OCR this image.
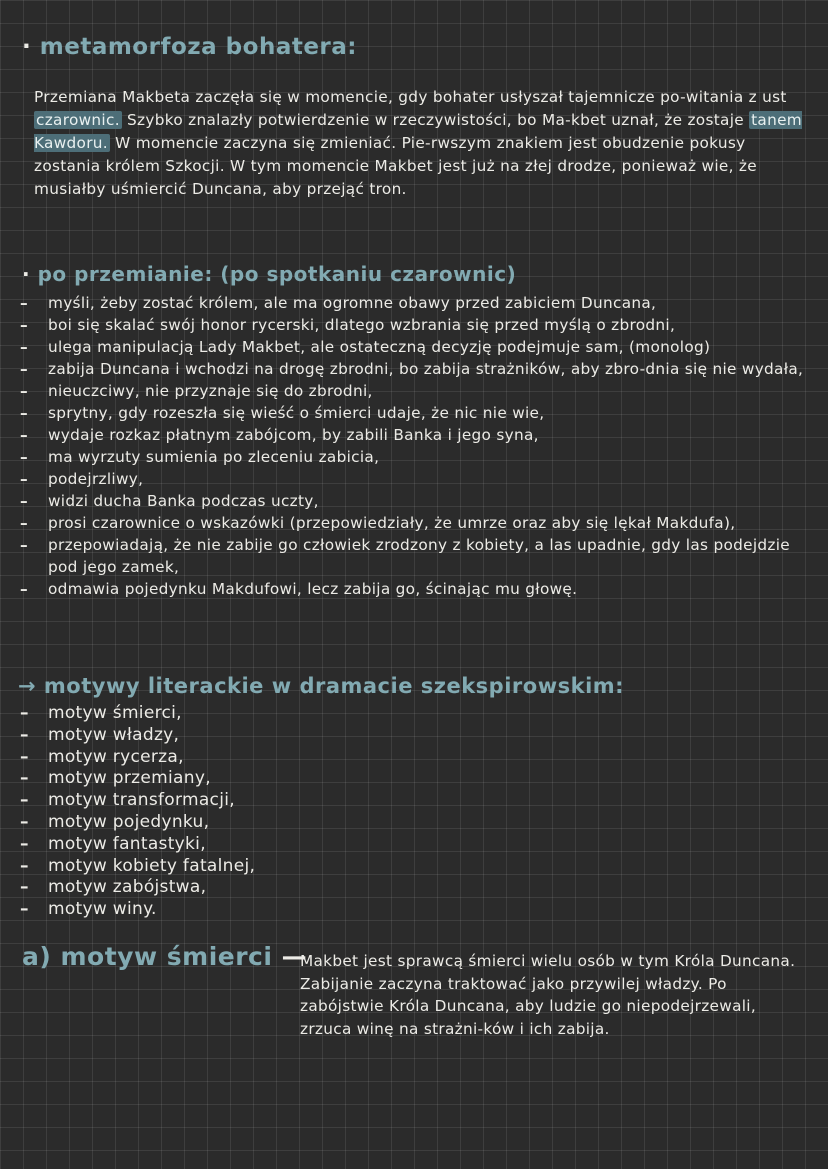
· metamorfoza bohatera:

Przemiana Makbeta zaczęła się w momencie, gdy bohater usłyszał tajemnicze po-witania z ust czarownic. Szybko znalazły potwierdzenie w rzeczywistości, bo Ma-kbet uznał, że zostaje tanem Kawdoru. W momencie zaczyna się zmieniać. Pie-rwszym znakiem jest obudzenie pokusy zostania królem Szkocji. W tym momencie Makbet jest już na złej drodze, ponieważ wie, że musiałby uśmiercić Duncana, aby przejąć tron.

· po przemianie: (po spotkaniu czarownic)
– myśli, żeby zostać królem, ale ma ogromne obawy przed zabiciem Duncana,
– boi się skalać swój honor rycerski, dlatego wzbrania się przed myślą o zbrodni,
– ulega manipulacją Lady Makbet, ale ostateczną decyzję podejmuje sam, (monolog)
– zabija Duncana i wchodzi na drogę zbrodni, bo zabija strażników, aby zbro-dnia się nie wydała,
– nieuczciwy, nie przyznaje się do zbrodni,
– sprytny, gdy rozeszła się wieść o śmierci udaje, że nic nie wie,
– wydaje rozkaz płatnym zabójcom, by zabili Banka i jego syna,
– ma wyrzuty sumienia po zleceniu zabicia,
– podejrzliwy,
– widzi ducha Banka podczas uczty,
– prosi czarownice o wskazówki (przepowiedziały, że umrze oraz aby się lękał Makdufa),
– przepowiadają, że nie zabije go człowiek zrodzony z kobiety, a las upadnie, gdy las podejdzie pod jego zamek,
– odmawia pojedynku Makdufowi, lecz zabija go, ścinając mu głowę.
→ motywy literackie w dramacie szekspirowskim:
– motyw śmierci,
– motyw władzy,
– motyw rycerza,
– motyw przemiany,
– motyw transformacji,
– motyw pojedynku,
– motyw fantastyki,
– motyw kobiety fatalnej,
– motyw zabójstwa,
– motyw winy.
a) motyw śmierci —

Makbet jest sprawcą śmierci wielu osób w tym Króla Duncana. Zabijanie zaczyna traktować jako przywilej władzy. Po zabójstwie Króla Duncana, aby ludzie go niepodejrzewali, zrzuca winę na strażni-ków i ich zabija.
